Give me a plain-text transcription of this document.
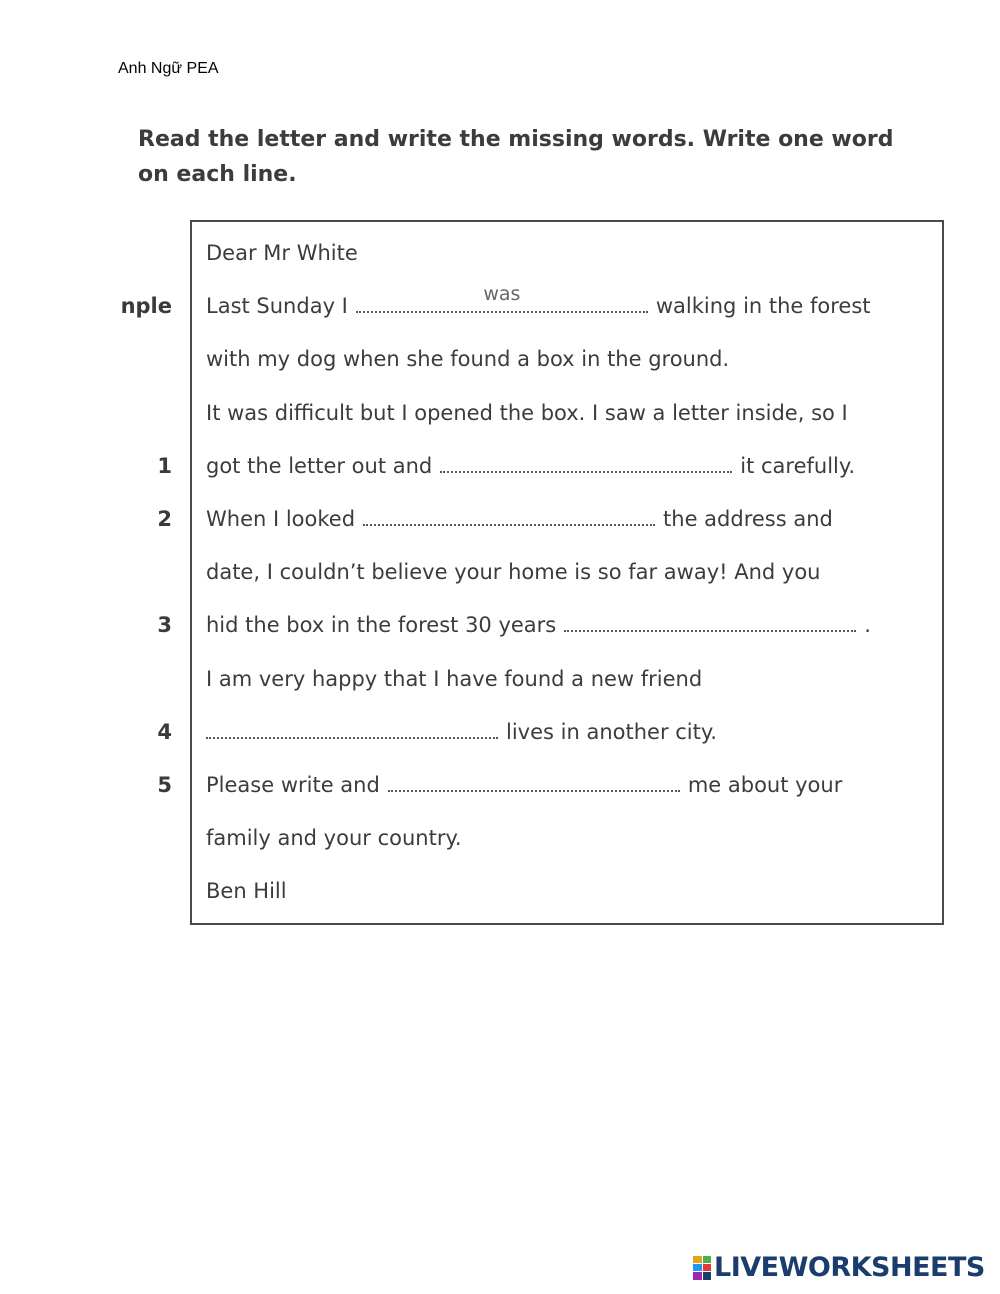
Anh Ngữ PEA
Read the letter and write the missing words. Write one word on each line.
Dear Mr White
nple Last Sunday I	was	walking in the forest
with my dog when she found a box in the ground.
It was difficult but I opened the box. I saw a letter inside, so I
1 got the letter out and	it carefully.
2 When I looked	the address and
date, I couldn’t believe your home is so far away! And you
3 hid the box in the forest 30 years	.
I am very happy that I have found a new friend
4	lives in another city.
5 Please write and	me about your
family and your country.
Ben Hill
LIVEWORKSHEETS
